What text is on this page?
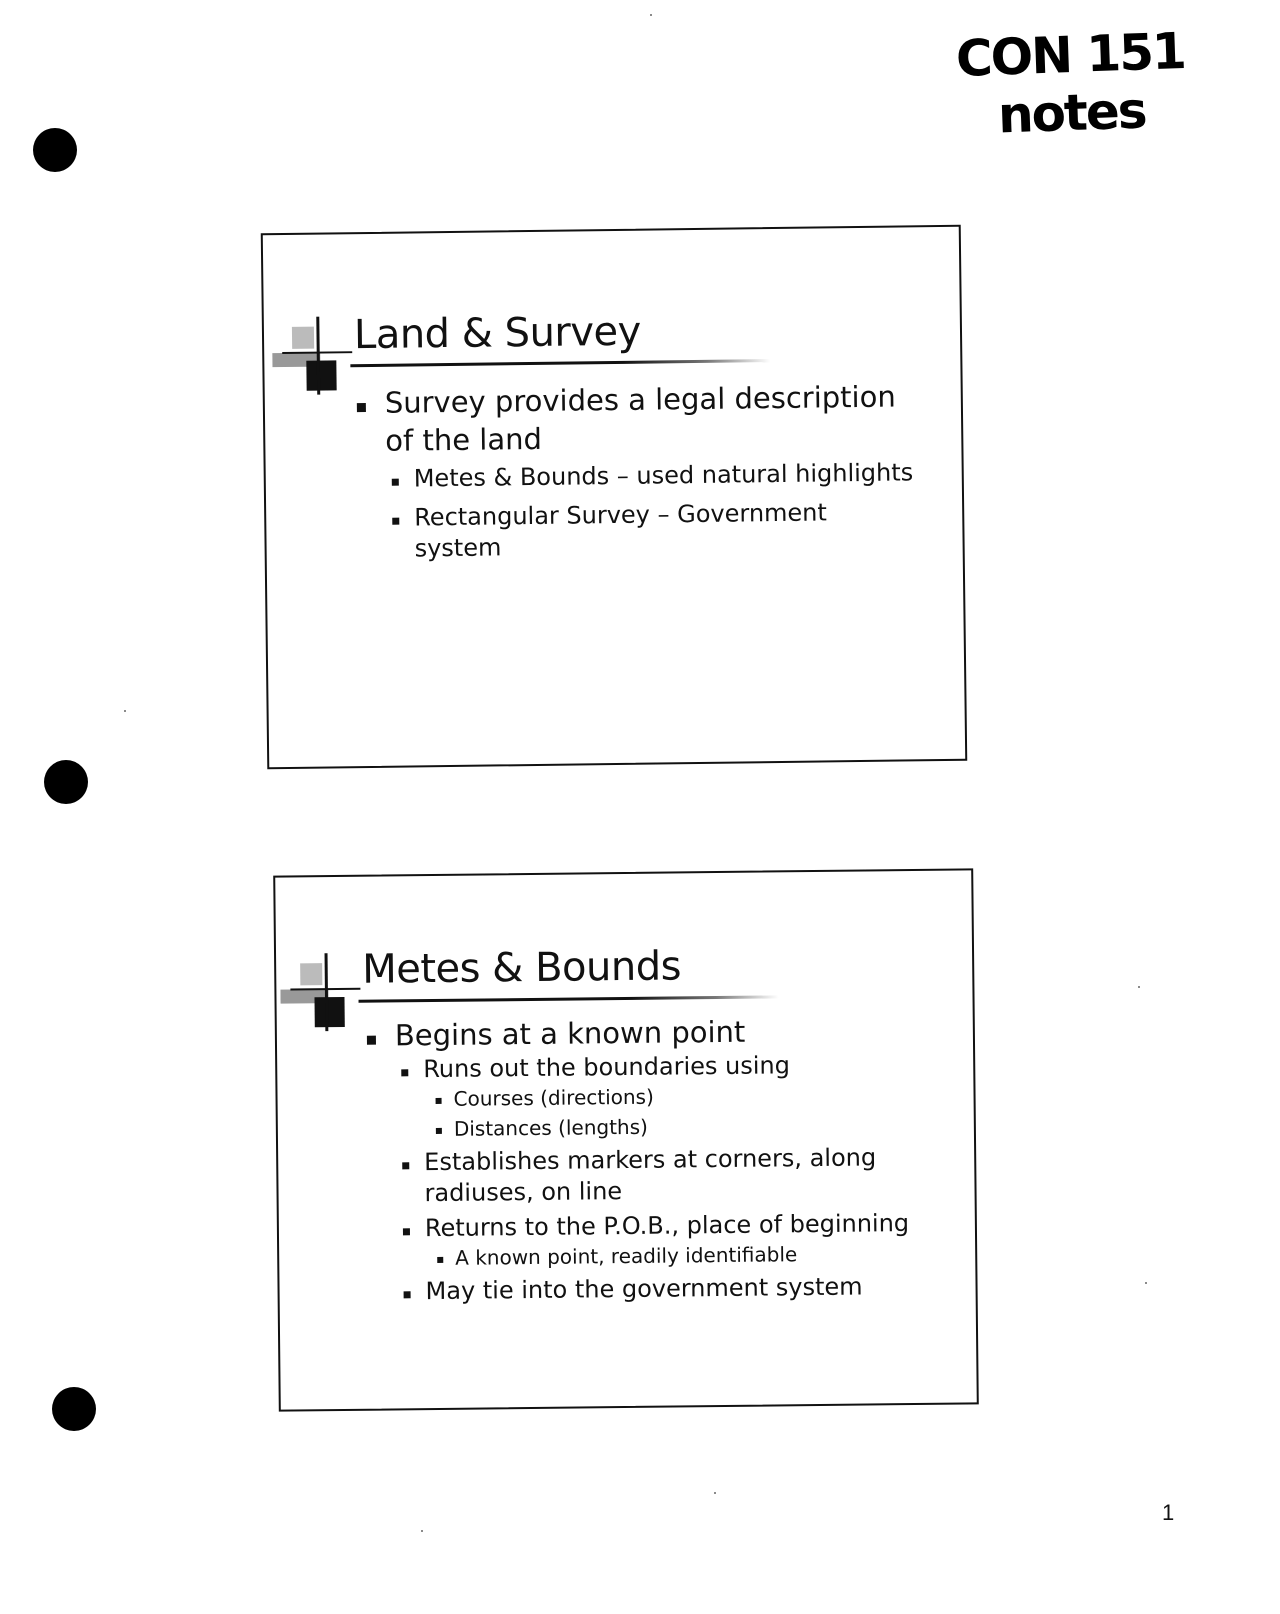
CON 151
notes
Land & Survey
Survey provides a legal description of the land
Metes & Bounds – used natural highlights
Rectangular Survey – Government system
Metes & Bounds
Begins at a known point
Runs out the boundaries using
Courses (directions)
Distances (lengths)
Establishes markers at corners, along radiuses, on line
Returns to the P.O.B., place of beginning
A known point, readily identifiable
May tie into the government system
1
